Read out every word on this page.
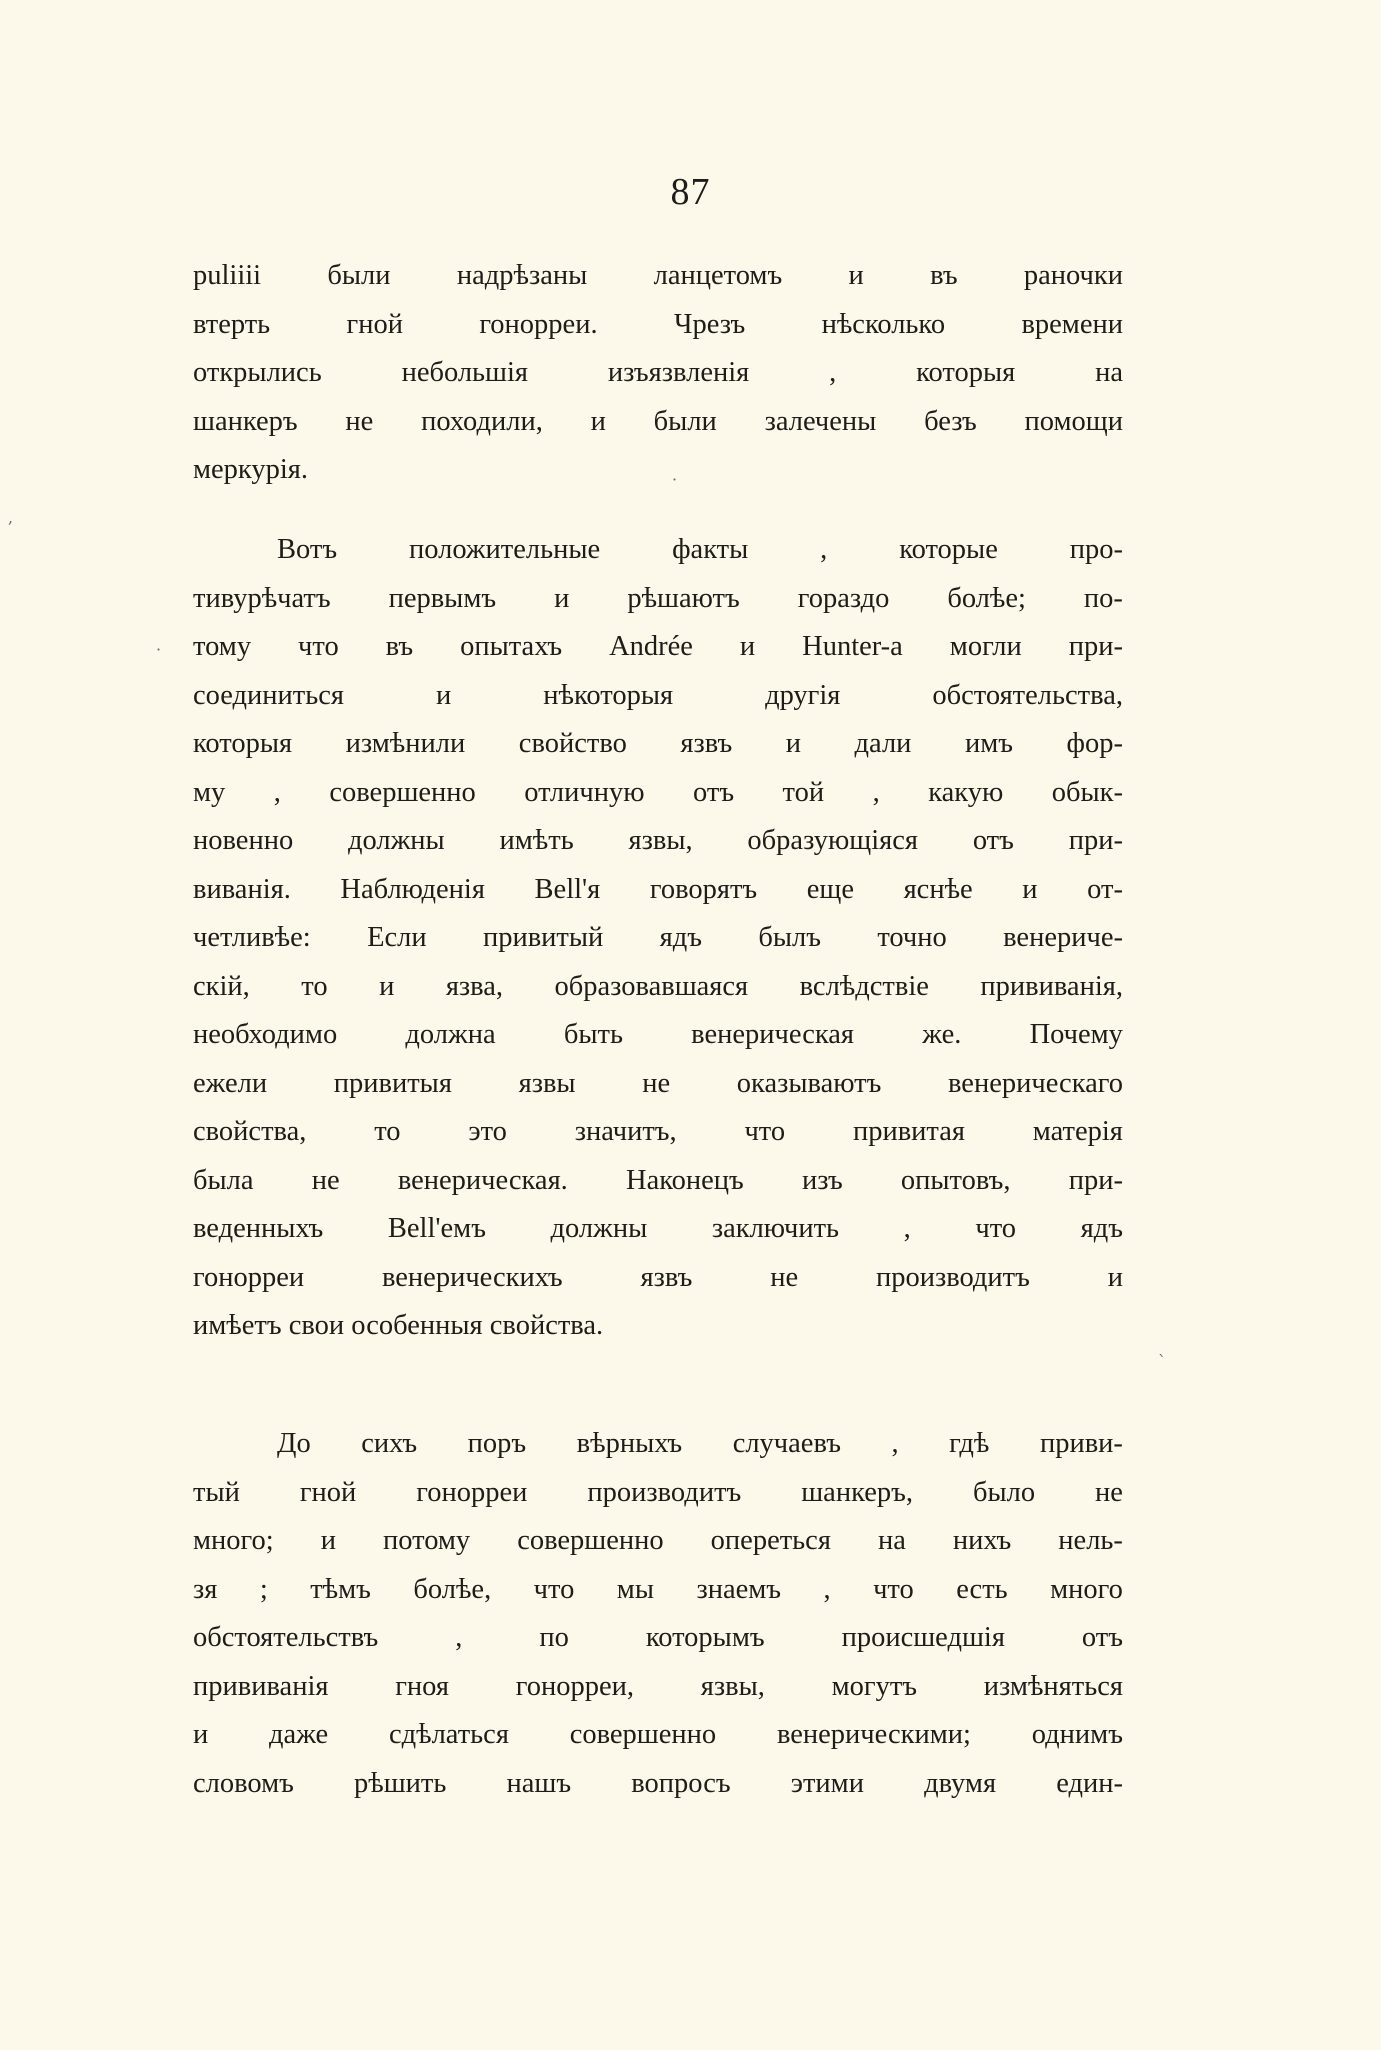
87
puliiii были надрѣзаны ланцетомъ и въ раночки
втерть	гной	гонорреи.	Чрезъ	нѣсколько	времени
открылись	небольшія	изъязвленія	,	которыя	на
шанкеръ не походили, и были залечены безъ помощи
меркурія.
Вотъ	положительные	факты	,	которые	про-
тивурѣчатъ первымъ и рѣшаютъ гораздо болѣе; по-
тому что въ опытахъ Andrée и Hunter-а могли при-
соединиться	и	нѣкоторыя	другія	обстоятельства,
которыя измѣнили свойство язвъ и дали имъ фор-
му , совершенно отличную отъ той , какую обык-
новенно должны имѣть язвы, образующіяся отъ при-
виванія. Наблюденія Bell'я говорятъ еще яснѣе и от-
четливѣе: Если привитый ядъ былъ точно венериче-
скій, то и язва, образовавшаяся вслѣдствіе прививанія,
необходимо должна быть венерическая же. Почему
ежели привитыя язвы не оказываютъ венерическаго
свойства, то это значитъ, что привитая матерія
была не венерическая. Наконецъ изъ опытовъ, при-
веденныхъ Bell'емъ должны заключить , что ядъ
гонорреи	венерическихъ	язвъ	не	производитъ	и
имѣетъ свои особенныя свойства.
До сихъ поръ вѣрныхъ случаевъ , гдѣ приви-
тый гной гонорреи производитъ шанкеръ, было не
много; и потому совершенно опереться на нихъ нель-
зя ; тѣмъ болѣе, что мы знаемъ , что есть много
обстоятельствъ	,	по	которымъ	происшедшія	отъ
прививанія гноя гонорреи, язвы, могутъ измѣняться
и даже сдѣлаться совершенно венерическими; однимъ
словомъ рѣшить нашъ вопросъ этими двумя един-
·
,
·
ˋ
